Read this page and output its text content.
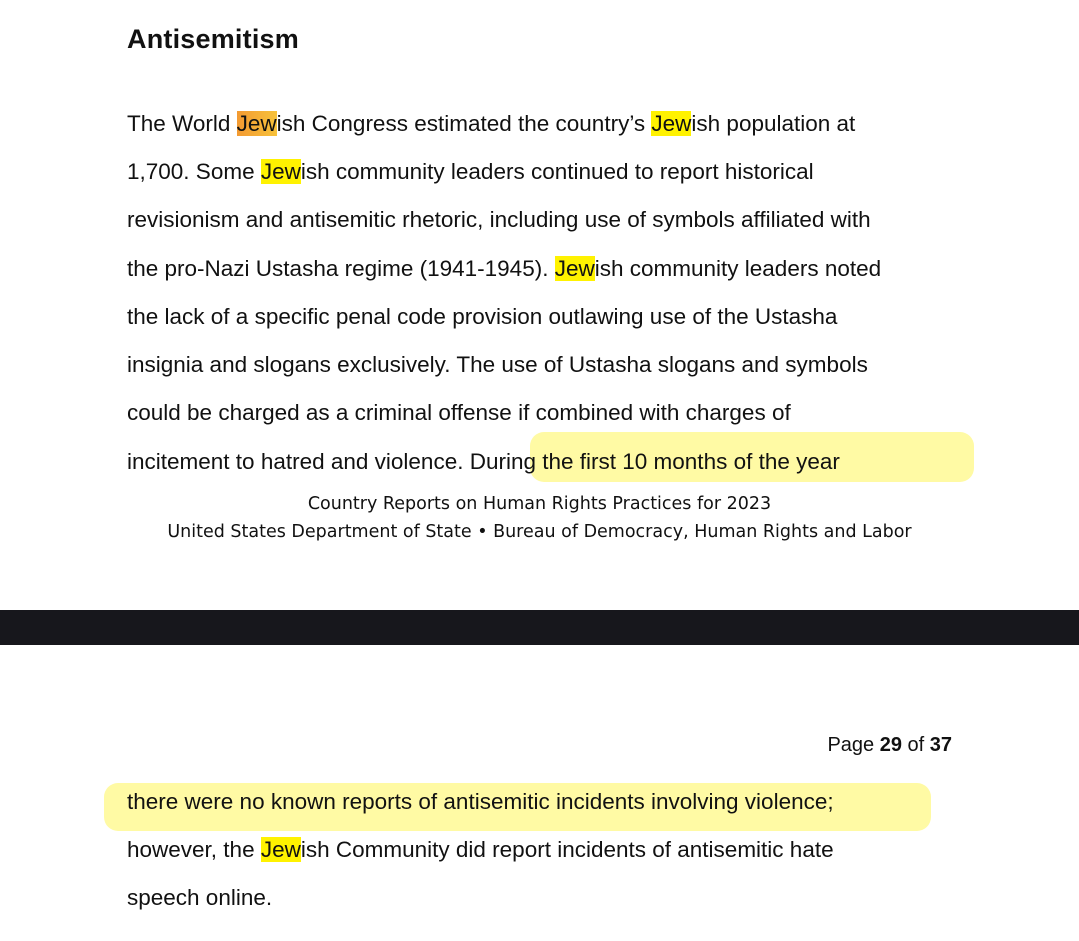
Antisemitism
The World Jewish Congress estimated the country’s Jewish population at
1,700. Some Jewish community leaders continued to report historical
revisionism and antisemitic rhetoric, including use of symbols affiliated with
the pro-Nazi Ustasha regime (1941-1945). Jewish community leaders noted
the lack of a specific penal code provision outlawing use of the Ustasha
insignia and slogans exclusively. The use of Ustasha slogans and symbols
could be charged as a criminal offense if combined with charges of
incitement to hatred and violence. During the first 10 months of the year
Country Reports on Human Rights Practices for 2023
United States Department of State • Bureau of Democracy, Human Rights and Labor
Page 29 of 37
there were no known reports of antisemitic incidents involving violence;
however, the Jewish Community did report incidents of antisemitic hate
speech online.
